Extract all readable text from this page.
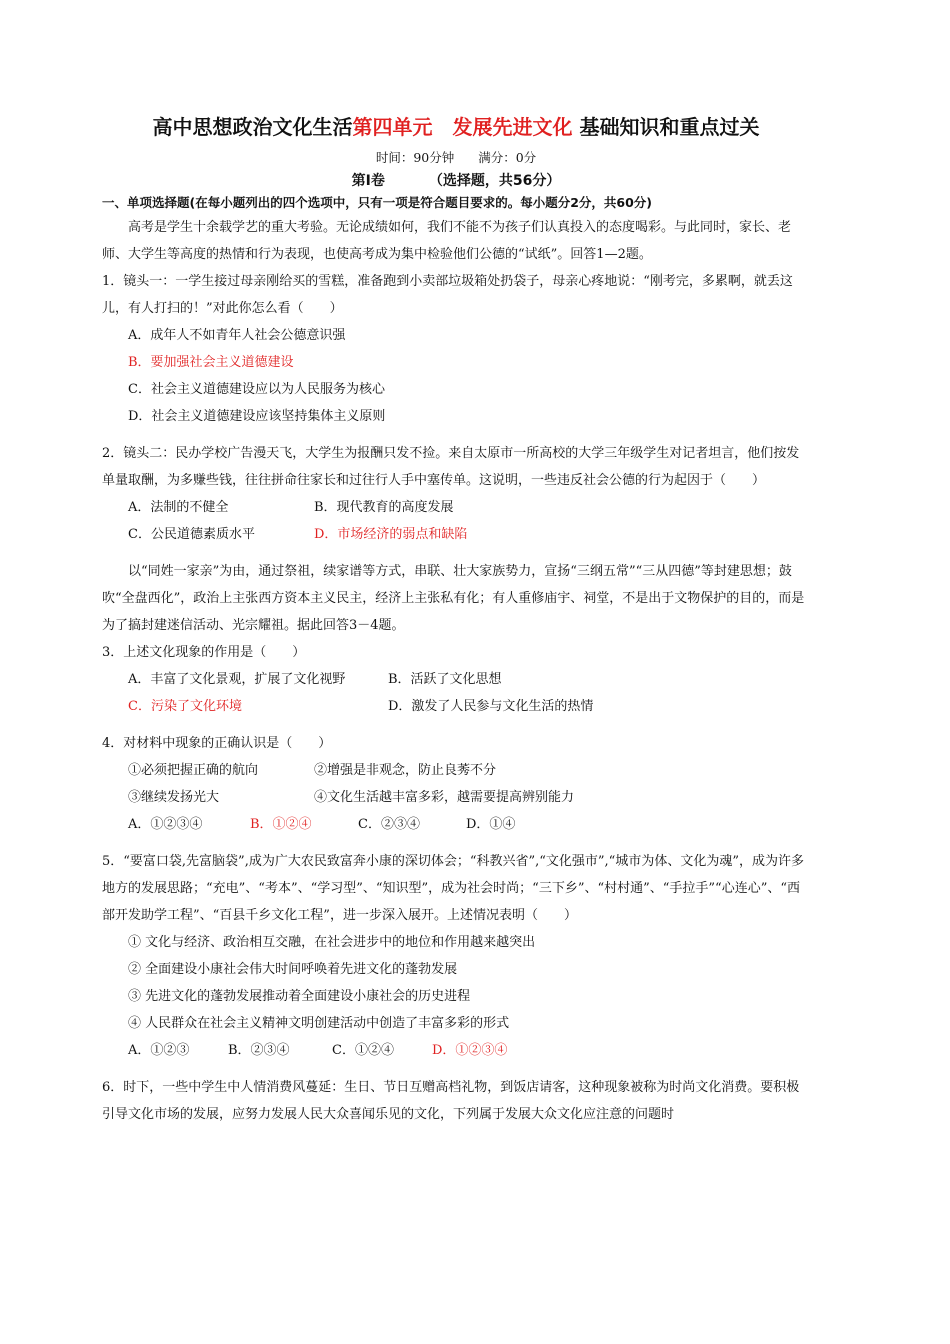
高中思想政治文化生活第四单元　发展先进文化 基础知识和重点过关
时间：90分钟 满分：0分
第Ⅰ卷	（选择题，共56分）
一、单项选择题(在每小题列出的四个选项中，只有一项是符合题目要求的。每小题分2分，共60分)

高考是学生十余载学艺的重大考验。无论成绩如何，我们不能不为孩子们认真投入的态度喝彩。与此同时，家长、老师、大学生等高度的热情和行为表现，也使高考成为集中检验他们公德的“试纸”。回答1—2题。

1．镜头一：一学生接过母亲刚给买的雪糕，准备跑到小卖部垃圾箱处扔袋子，母亲心疼地说：“刚考完，多累啊，就丢这儿，有人打扫的！”对此你怎么看（　　）

A．成年人不如青年人社会公德意识强

B．要加强社会主义道德建设

C．社会主义道德建设应以为人民服务为核心

D．社会主义道德建设应该坚持集体主义原则

2．镜头二：民办学校广告漫天飞，大学生为报酬只发不捡。来自太原市一所高校的大学三年级学生对记者坦言，他们按发单量取酬，为多赚些钱，往往拼命往家长和过往行人手中塞传单。这说明，一些违反社会公德的行为起因于（　　）

A．法制的不健全	B．现代教育的高度发展

C．公民道德素质水平	D．市场经济的弱点和缺陷

以“同姓一家亲”为由，通过祭祖，续家谱等方式，串联、壮大家族势力，宣扬“三纲五常”“三从四德”等封建思想；鼓吹“全盘西化”，政治上主张西方资本主义民主，经济上主张私有化；有人重修庙宇、祠堂，不是出于文物保护的目的，而是为了搞封建迷信活动、光宗耀祖。据此回答3－4题。

3．上述文化现象的作用是（　　）

A．丰富了文化景观，扩展了文化视野	B．活跃了文化思想

C．污染了文化环境	D．激发了人民参与文化生活的热情

4．对材料中现象的正确认识是（　　）

①必须把握正确的航向	②增强是非观念，防止良莠不分

③继续发扬光大	④文化生活越丰富多彩，越需要提高辨别能力

A．①②③④	B．①②④	C．②③④	D．①④

5．“要富口袋,先富脑袋”,成为广大农民致富奔小康的深切体会；“科教兴省”,“文化强市”,“城市为体、文化为魂”，成为许多地方的发展思路；“充电”、“考本”、“学习型”、“知识型”，成为社会时尚；“三下乡”、“村村通”、“手拉手”“心连心”、“西部开发助学工程”、“百县千乡文化工程”，进一步深入展开。上述情况表明（　　）

① 文化与经济、政治相互交融，在社会进步中的地位和作用越来越突出

② 全面建设小康社会伟大时间呼唤着先进文化的蓬勃发展

③ 先进文化的蓬勃发展推动着全面建设小康社会的历史进程

④ 人民群众在社会主义精神文明创建活动中创造了丰富多彩的形式

A．①②③	B．②③④	C．①②④	D．①②③④

6．时下，一些中学生中人情消费风蔓延：生日、节日互赠高档礼物，到饭店请客，这种现象被称为时尚文化消费。要积极引导文化市场的发展，应努力发展人民大众喜闻乐见的文化，下列属于发展大众文化应注意的问题时
